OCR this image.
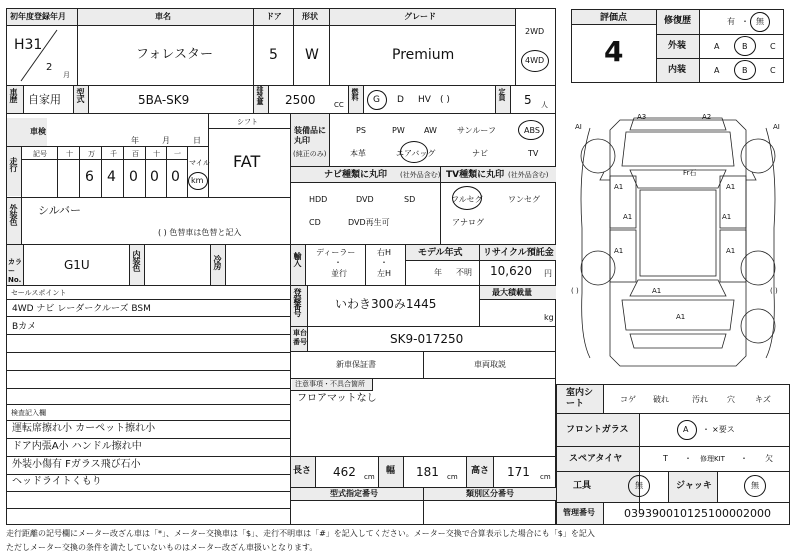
初年度登録年月	車名	ドア	形状	グレード
H31
2
月
フォレスター	5 W	Premium
2WD
4WD
車歴 自家用 型式	5BA-SK9	排気量 2500	CC
燃料 G D HV ( )	定員 5 人
車検
年	月	日
シフト
FAT
走行
記号	十 万 千 百 十 一
マイル
6 4 0 0 0 km
外装色 シルバー
( ) 色替車は色替と記入
カラーNo.
G1U	内装色	冷房
セールスポイント
4WD ナビ レーダークルーズ BSM
Bカメ
検査記入欄
運転席擦れ小 カーペット擦れ小
ドア内張A小 ハンドル擦れ中
外装小傷有 Fガラス飛び石小
ヘッドライトくもり
装備品に丸印
(純正のみ)
PS	PW AW	サンルーフ	ABS
本革	エアバッグ	ナビ	TV
ナビ種類に丸印 (社外品含む) TV種類に丸印 (社外品含む)
HDD	DVD	SD
CD	DVD再生可
フルセグ	ワンセグ
アナログ
輸入 ディーラー
・
並行
右H
・
左H
モデル年式 リサイクル預託金
年 不明 10,620 円
登録番号	いわき300み1445
最大積載量
kg
車台番号	SK9-017250
新車保証書	車両取説
注意事項・不具合箇所
フロアマットなし
長さ 462 cm
幅 181 cm
高さ 171 cm
型式指定番号	類別区分番号
評価点
4
修復歴
外装
内装
有 ・ 無
A	B	C
A	B	C
A3	A2
AI	AI
Fr石
A1	A1
A1	A1
A1	A1
A1
A1
( )	( )
室内シート	コゲ 破れ	汚れ 穴	キズ
フロントガラス	A ・ ×要ス
スペアタイヤ	T ・ 修理KIT ・ 欠
工具	無	ジャッキ	無
管理番号	039390010125100002000
走行距離の記号欄にメーター改ざん車は「*」、メーター交換車は「$」、走行不明車は「#」を記入してください。メーター交換で合算表示した場合にも「$」を記入
ただしメーター交換の条件を満たしていないものはメーター改ざん車扱いとなります。
